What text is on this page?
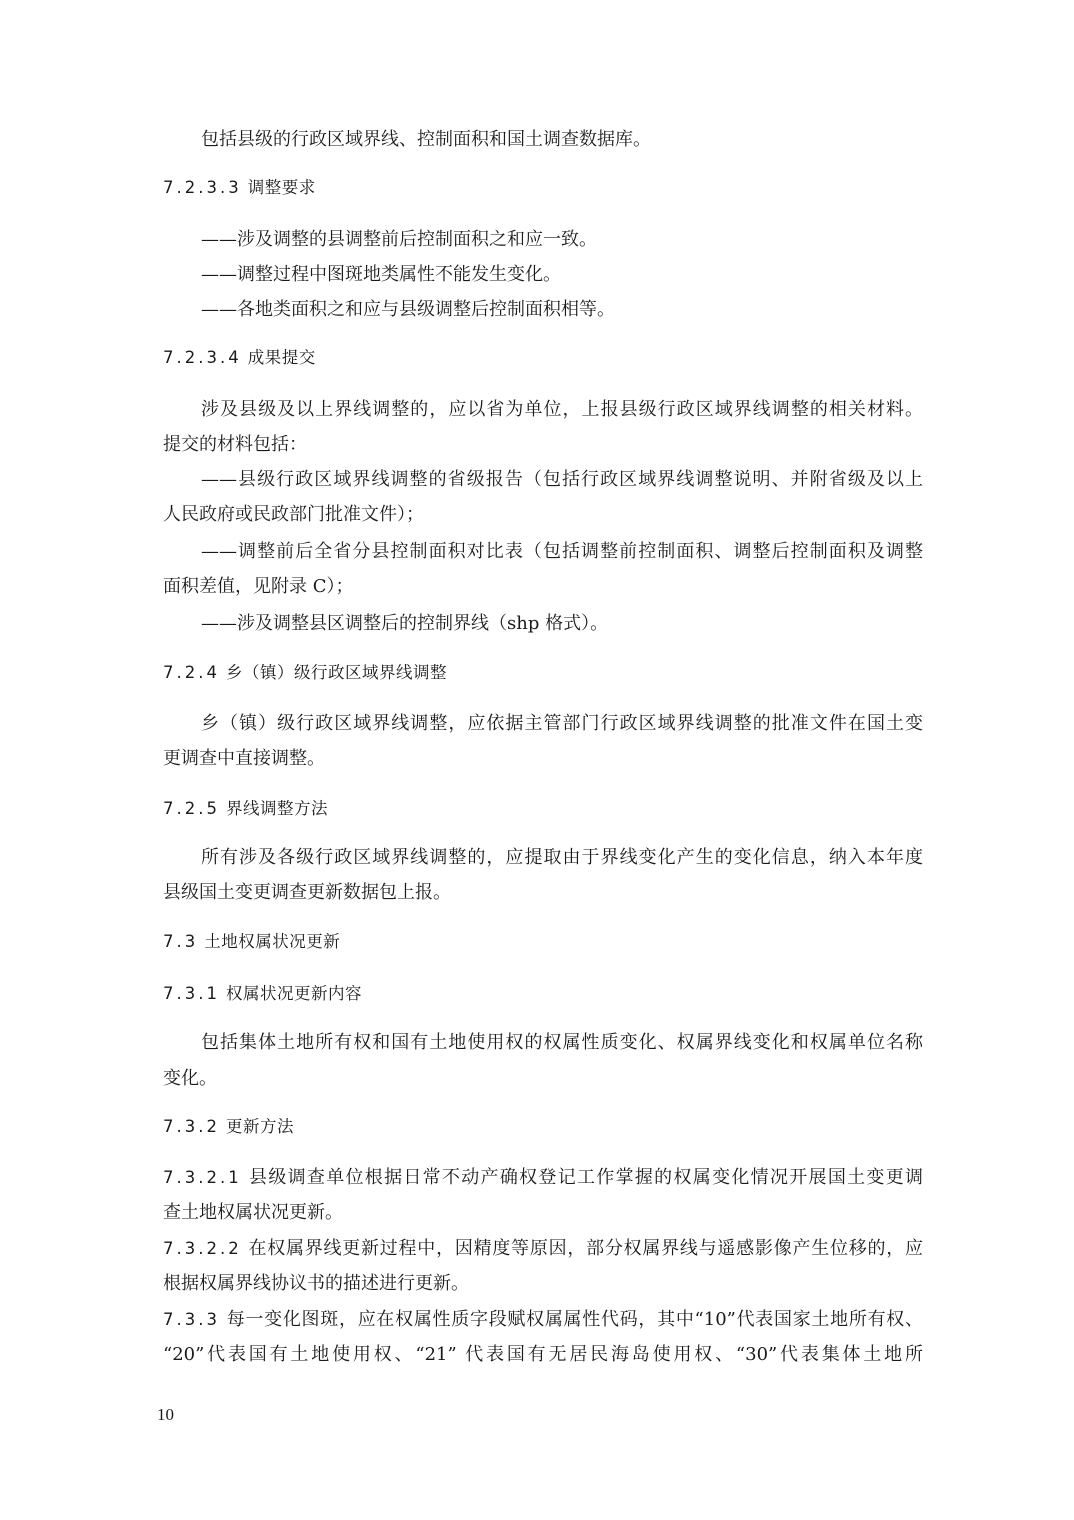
包括县级的行政区域界线、控制面积和国土调查数据库。
7.2.3.3 调整要求
——涉及调整的县调整前后控制面积之和应一致。
——调整过程中图斑地类属性不能发生变化。
——各地类面积之和应与县级调整后控制面积相等。
7.2.3.4 成果提交
涉及县级及以上界线调整的，应以省为单位，上报县级行政区域界线调整的相关材料。
提交的材料包括：
——县级行政区域界线调整的省级报告（包括行政区域界线调整说明、并附省级及以上
人民政府或民政部门批准文件）；
——调整前后全省分县控制面积对比表（包括调整前控制面积、调整后控制面积及调整
面积差值，见附录 C）；
——涉及调整县区调整后的控制界线（shp 格式）。
7.2.4 乡（镇）级行政区域界线调整
乡（镇）级行政区域界线调整，应依据主管部门行政区域界线调整的批准文件在国土变
更调查中直接调整。
7.2.5 界线调整方法
所有涉及各级行政区域界线调整的，应提取由于界线变化产生的变化信息，纳入本年度
县级国土变更调查更新数据包上报。
7.3 土地权属状况更新
7.3.1 权属状况更新内容
包括集体土地所有权和国有土地使用权的权属性质变化、权属界线变化和权属单位名称
变化。
7.3.2 更新方法
7.3.2.1 县级调查单位根据日常不动产确权登记工作掌握的权属变化情况开展国土变更调
查土地权属状况更新。
7.3.2.2 在权属界线更新过程中，因精度等原因，部分权属界线与遥感影像产生位移的，应
根据权属界线协议书的描述进行更新。
7.3.3 每一变化图斑，应在权属性质字段赋权属属性代码，其中“10”代表国家土地所有权、
“20”代表国有土地使用权、“21” 代表国有无居民海岛使用权、“30”代表集体土地所
10
